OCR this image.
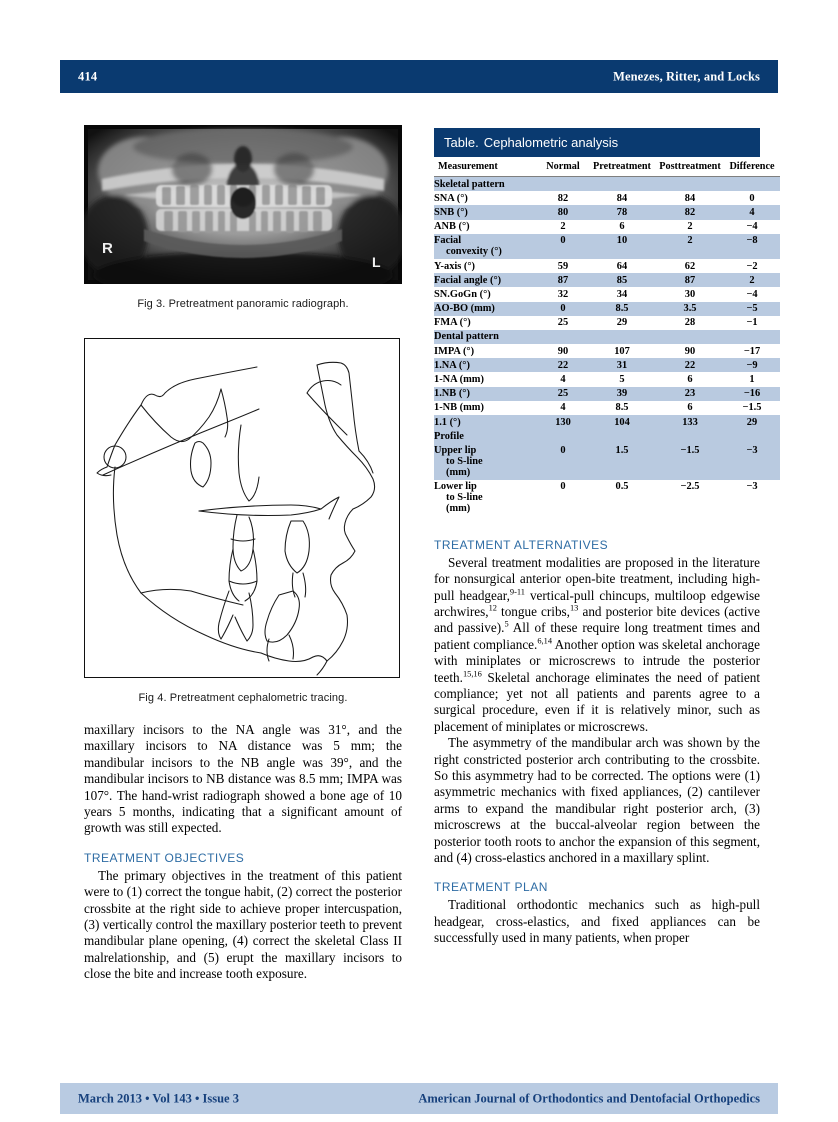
414	Menezes, Ritter, and Locks
R
L
Fig 3. Pretreatment panoramic radiograph.
Fig 4. Pretreatment cephalometric tracing.

maxillary incisors to the NA angle was 31°, and the maxillary incisors to NA distance was 5 mm; the mandibular incisors to the NB angle was 39°, and the mandibular incisors to NB distance was 8.5 mm; IMPA was 107°. The hand-wrist radiograph showed a bone age of 10 years 5 months, indicating that a significant amount of growth was still expected.

TREATMENT OBJECTIVES

The primary objectives in the treatment of this patient were to (1) correct the tongue habit, (2) correct the posterior crossbite at the right side to achieve proper intercuspation, (3) vertically control the maxillary posterior teeth to prevent mandibular plane opening, (4) correct the skeletal Class II malrelationship, and (5) erupt the maxillary incisors to close the bite and increase tooth exposure.

Table. Cephalometric analysis
Measurement	Normal	Pretreatment	Posttreatment	Difference
Skeletal pattern				
SNA (°)	82	84	84	0
SNB (°)	80	78	82	4
ANB (°)	2	6	2	−4

Facial
convexity (°)	0	10	2	−8
Y-axis (°)	59	64	62	−2
Facial angle (°)	87	85	87	2
SN.GoGn (°)	32	34	30	−4
AO-BO (mm)	0	8.5	3.5	−5
FMA (°)	25	29	28	−1
Dental pattern				
IMPA (°)	90	107	90	−17
1.NA (°)	22	31	22	−9
1-NA (mm)	4	5	6	1
1.NB (°)	25	39	23	−16
1-NB (mm)	4	8.5	6	−1.5
1.1 (°)	130	104	133	29
Profile				

Upper lip
to S-line
(mm)	0	1.5	−1.5	−3

Lower lip
to S-line
(mm)	0	0.5	−2.5	−3
TREATMENT ALTERNATIVES

Several treatment modalities are proposed in the literature for nonsurgical anterior open-bite treatment, including high-pull headgear,$^{9-11}$ vertical-pull chincups, multiloop edgewise archwires,$^{12}$ tongue cribs,$^{13}$ and posterior bite devices (active and passive).$^5$ All of these require long treatment times and patient compliance.$^{6,14}$ Another option was skeletal anchorage with miniplates or microscrews to intrude the posterior teeth.$^{15,16}$ Skeletal anchorage eliminates the need of patient compliance; yet not all patients and parents agree to a surgical procedure, even if it is relatively minor, such as placement of miniplates or microscrews.

The asymmetry of the mandibular arch was shown by the right constricted posterior arch contributing to the crossbite. So this asymmetry had to be corrected. The options were (1) asymmetric mechanics with fixed appliances, (2) cantilever arms to expand the mandibular right posterior arch, (3) microscrews at the buccal-alveolar region between the posterior tooth roots to anchor the expansion of this segment, and (4) cross-elastics anchored in a maxillary splint.

TREATMENT PLAN

Traditional orthodontic mechanics such as high-pull headgear, cross-elastics, and fixed appliances can be successfully used in many patients, when proper

March 2013 • Vol 143 • Issue 3	American Journal of Orthodontics and Dentofacial Orthopedics
